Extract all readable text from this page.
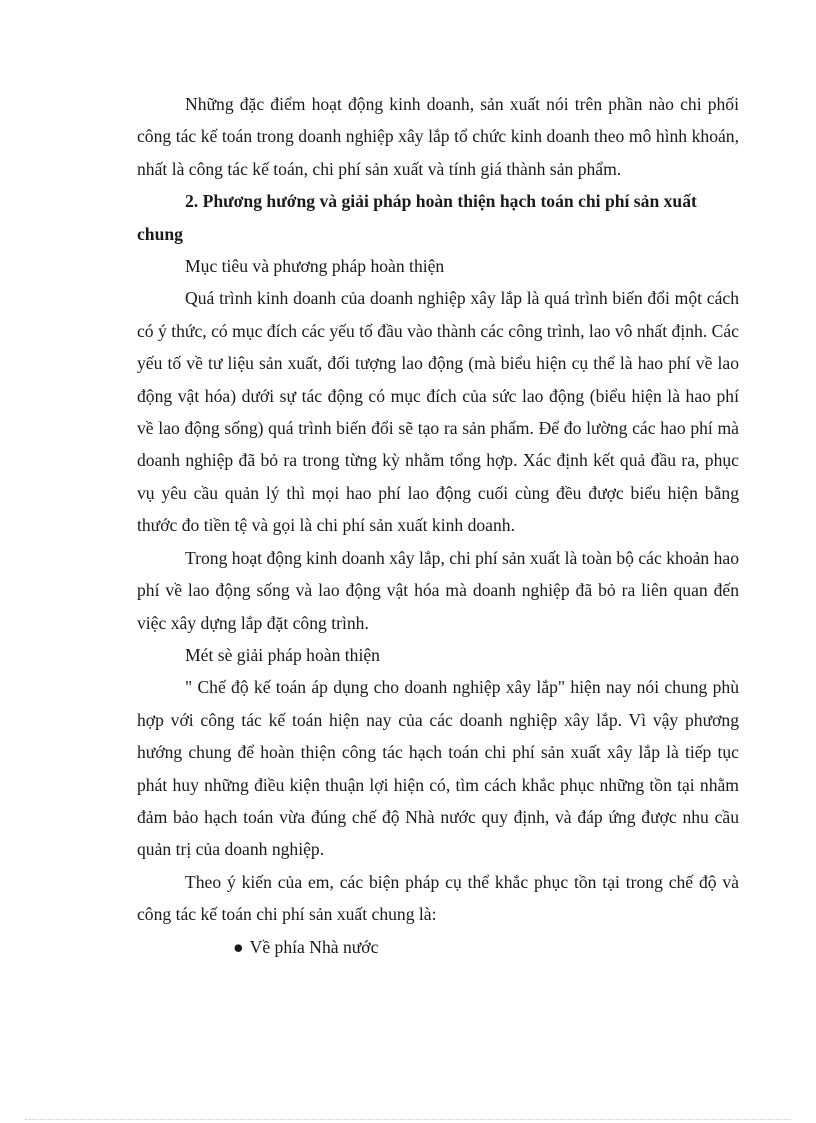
Những đặc điểm hoạt động kinh doanh, sản xuất nói trên phần nào chi phối công tác kế toán trong doanh nghiệp xây lắp tổ chức kinh doanh theo mô hình khoán, nhất là công tác kế toán, chi phí sản xuất và tính giá thành sản phẩm.

2. Phương hướng và giải pháp hoàn thiện hạch toán chi phí sản xuất chung

Mục tiêu và phương pháp hoàn thiện

Quá trình kinh doanh của doanh nghiệp xây lắp là quá trình biến đổi một cách có ý thức, có mục đích các yếu tố đầu vào thành các công trình, lao vô nhất định. Các yếu tố về tư liệu sản xuất, đối tượng lao động (mà biểu hiện cụ thể là hao phí về lao động vật hóa) dưới sự tác động có mục đích của sức lao động (biểu hiện là hao phí về lao động sống) quá trình biến đổi sẽ tạo ra sản phẩm. Để đo lường các hao phí mà doanh nghiệp đã bỏ ra trong từng kỳ nhằm tổng hợp. Xác định kết quả đầu ra, phục vụ yêu cầu quản lý thì mọi hao phí lao động cuối cùng đều được biểu hiện bằng thước đo tiền tệ và gọi là chi phí sản xuất kinh doanh.

Trong hoạt động kinh doanh xây lắp, chi phí sản xuất là toàn bộ các khoản hao phí về lao động sống và lao động vật hóa mà doanh nghiệp đã bỏ ra liên quan đến việc xây dựng lắp đặt công trình.

Mét sè giải pháp hoàn thiện

" Chế độ kế toán áp dụng cho doanh nghiệp xây lắp" hiện nay nói chung phù hợp với công tác kế toán hiện nay của các doanh nghiệp xây lắp. Vì vậy phương hướng chung để hoàn thiện công tác hạch toán chi phí sản xuất xây lắp là tiếp tục phát huy những điều kiện thuận lợi hiện có, tìm cách khắc phục những tồn tại nhằm đảm bảo hạch toán vừa đúng chế độ Nhà nước quy định, và đáp ứng được nhu cầu quản trị của doanh nghiệp.

Theo ý kiến của em, các biện pháp cụ thể khắc phục tồn tại trong chế độ và công tác kế toán chi phí sản xuất chung là:

● Về phía Nhà nước
